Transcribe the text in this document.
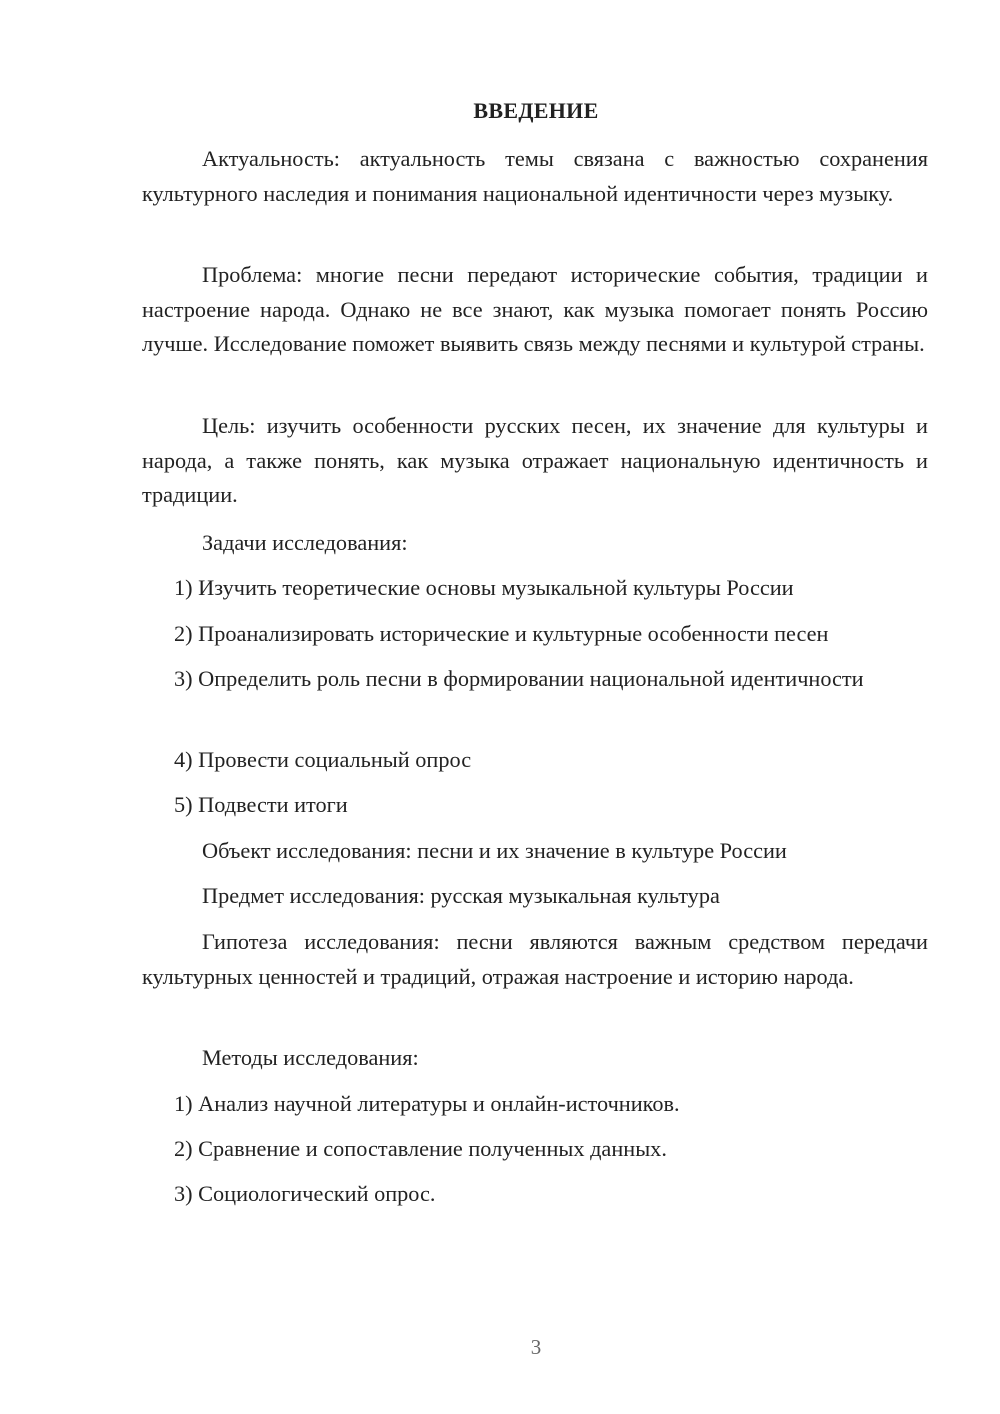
ВВЕДЕНИЕ

Актуальность: актуальность темы связана с важностью сохранения культурного наследия и понимания национальной идентичности через музыку.

Проблема: многие песни передают исторические события, традиции и настроение народа. Однако не все знают, как музыка помогает понять Россию лучше. Исследование поможет выявить связь между песнями и культурой страны.

Цель: изучить особенности русских песен, их значение для культуры и народа, а также понять, как музыка отражает национальную идентичность и традиции.

Задачи исследования:

1) Изучить теоретические основы музыкальной культуры России

2) Проанализировать исторические и культурные особенности песен

3) Определить роль песни в формировании национальной идентичности

4) Провести социальный опрос

5) Подвести итоги

Объект исследования: песни и их значение в культуре России

Предмет исследования: русская музыкальная культура

Гипотеза исследования: песни являются важным средством передачи культурных ценностей и традиций, отражая настроение и историю народа.

Методы исследования:

1) Анализ научной литературы и онлайн-источников.

2) Сравнение и сопоставление полученных данных.

3) Социологический опрос.

3
